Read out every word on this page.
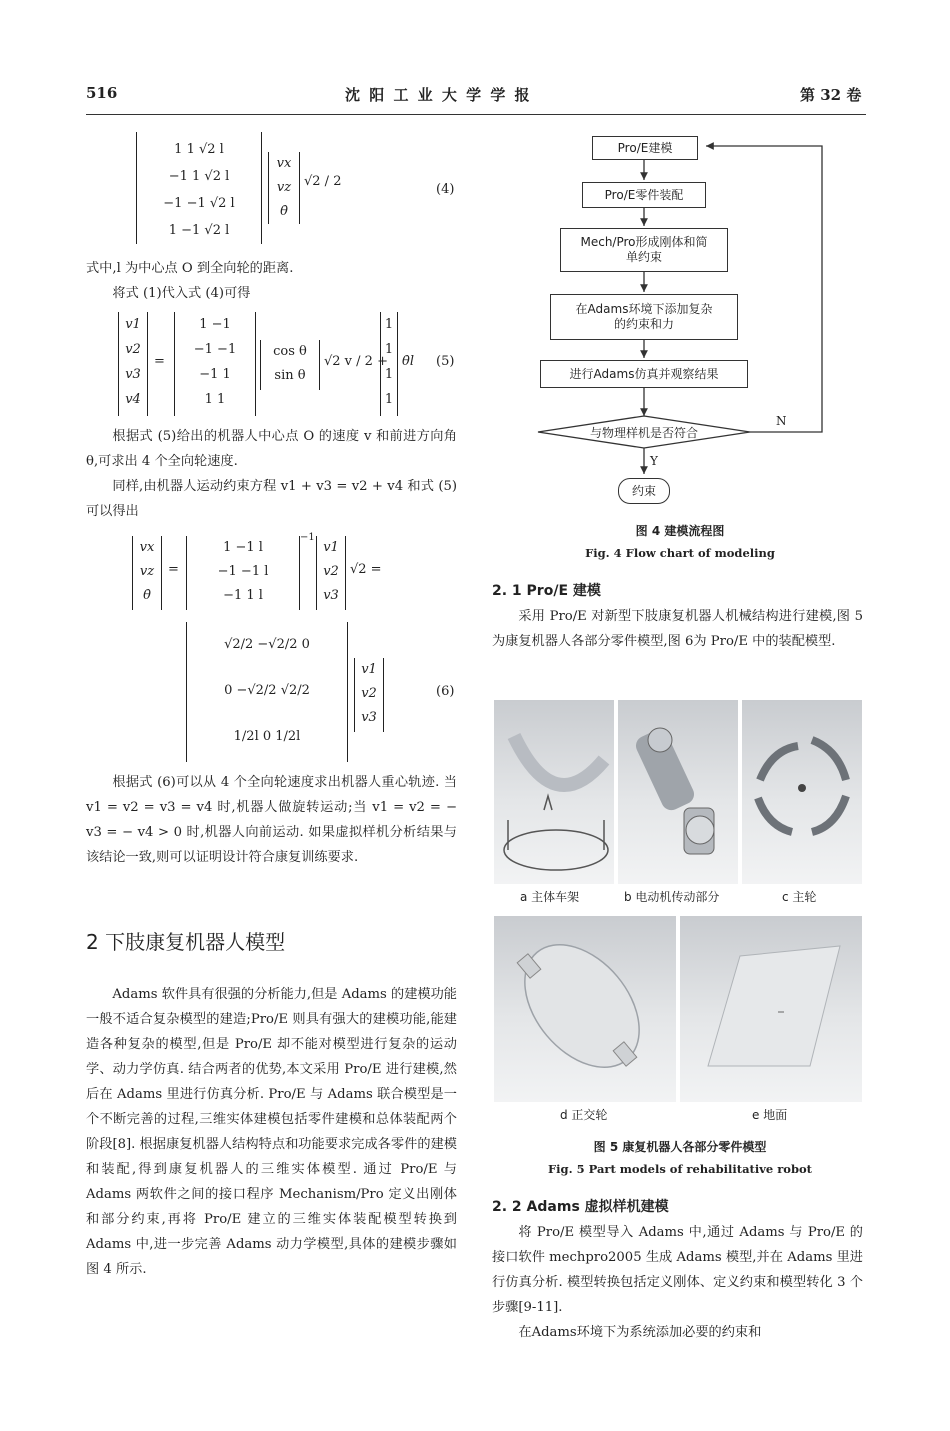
516	沈 阳 工 业 大 学 学 报	第 32 卷
1 1 √2 l
−1 1 √2 l
−1 −1 √2 l
1 −1 √2 l
vx
vz
θ̇
√2 / 2
(4)

式中,l 为中心点 O 到全向轮的距离.

将式 (1)代入式 (4)可得

v1
v2
v3
v4
=
1 −1
−1 −1
−1 1
1 1
cos θ
sin θ
√2 v / 2 +
1
1
1
1
θ̇l (5)

根据式 (5)给出的机器人中心点 O 的速度 v 和前进方向角 θ,可求出 4 个全向轮速度.

同样,由机器人运动约束方程 v1 + v3 = v2 + v4 和式 (5)可以得出

vx
vz
θ̇
=
1 −1 l
−1 −1 l
−1 1 l
−1
v1
v2
v3
√2 =
√2/2 −√2/2 0
0 −√2/2 √2/2
1/2l 0 1/2l
v1
v2
v3
(6)

根据式 (6)可以从 4 个全向轮速度求出机器人重心轨迹. 当 v1 = v2 = v3 = v4 时,机器人做旋转运动;当 v1 = v2 = − v3 = − v4 > 0 时,机器人向前运动. 如果虚拟样机分析结果与该结论一致,则可以证明设计符合康复训练要求.

2 下肢康复机器人模型

Adams 软件具有很强的分析能力,但是 Adams 的建模功能一般不适合复杂模型的建造;Pro/E 则具有强大的建模功能,能建造各种复杂的模型,但是 Pro/E 却不能对模型进行复杂的运动学、动力学仿真. 结合两者的优势,本文采用 Pro/E 进行建模,然后在 Adams 里进行仿真分析. Pro/E 与 Adams 联合模型是一个不断完善的过程,三维实体建模包括零件建模和总体装配两个阶段[8]. 根据康复机器人结构特点和功能要求完成各零件的建模和装配,得到康复机器人的三维实体模型. 通过 Pro/E 与 Adams 两软件之间的接口程序 Mechanism/Pro 定义出刚体和部分约束,再将 Pro/E 建立的三维实体装配模型转换到 Adams 中,进一步完善 Adams 动力学模型,具体的建模步骤如图 4 所示.

Pro/E建模
Pro/E零件装配
Mech/Pro形成刚体和简单约束
在Adams环境下添加复杂的约束和力
进行Adams仿真并观察结果
与物理样机是否符合
Y
N
约束
图 4 建模流程图
Fig. 4 Flow chart of modeling
2. 1 Pro/E 建模

采用 Pro/E 对新型下肢康复机器人机械结构进行建模,图 5 为康复机器人各部分零件模型,图 6为 Pro/E 中的装配模型.

a 主体车架	b 电动机传动部分	c 主轮
d 正交轮	e 地面
图 5 康复机器人各部分零件模型
Fig. 5 Part models of rehabilitative robot
2. 2 Adams 虚拟样机建模

将 Pro/E 模型导入 Adams 中,通过 Adams 与 Pro/E 的接口软件 mechpro2005 生成 Adams 模型,并在 Adams 里进行仿真分析. 模型转换包括定义刚体、定义约束和模型转化 3 个步骤[9-11].

在Adams环境下为系统添加必要的约束和
